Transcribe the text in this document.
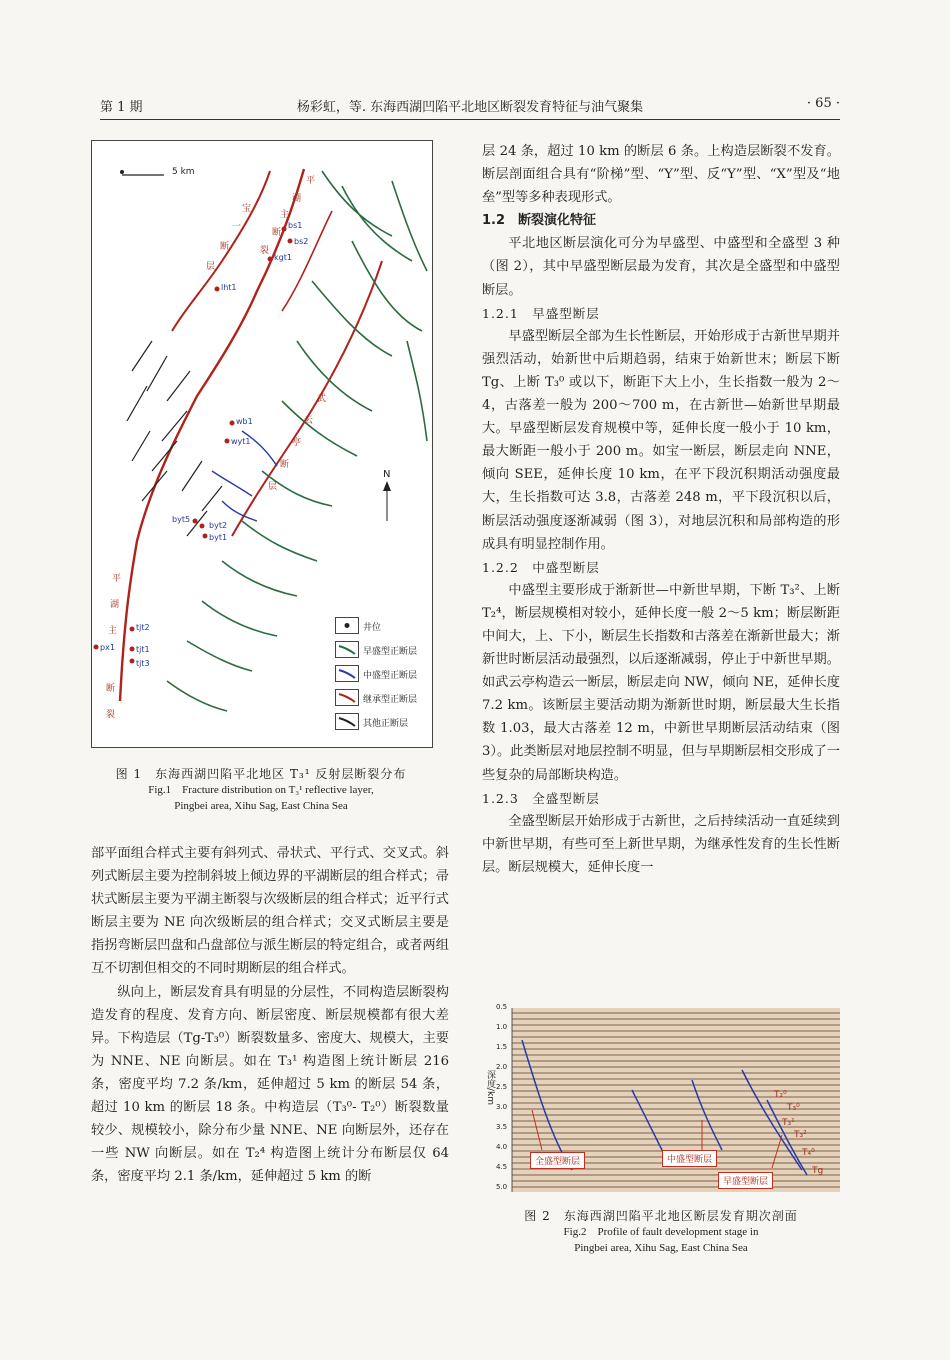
第 1 期	杨彩虹，等. 东海西湖凹陷平北地区断裂发育特征与油气聚集	· 65 ·
5 km
N
平
湖
主
断
裂
宝
一
断
层
武
云
亭
断
层
平
湖
主
断
裂
bs1
bs2
kgt1
lht1
wb1
wyt1
byt5
byt2
byt1
tjt2
px1	tjt1
tjt3
井位
早盛型正断层
中盛型正断层
继承型正断层
其他正断层
图 1　东海西湖凹陷平北地区 T₃¹ 反射层断裂分布
Fig.1　Fracture distribution on T₃¹ reflective layer,
Pingbei area, Xihu Sag, East China Sea

部平面组合样式主要有斜列式、帚状式、平行式、交叉式。斜列式断层主要为控制斜坡上倾边界的平湖断层的组合样式；帚状式断层主要为平湖主断裂与次级断层的组合样式；近平行式断层主要为 NE 向次级断层的组合样式；交叉式断层主要是指拐弯断层凹盘和凸盘部位与派生断层的特定组合，或者两组互不切割但相交的不同时期断层的组合样式。

纵向上，断层发育具有明显的分层性，不同构造层断裂构造发育的程度、发育方向、断层密度、断层规模都有很大差异。下构造层（Tg-T₃⁰）断裂数量多、密度大、规模大，主要为 NNE、NE 向断层。如在 T₃¹ 构造图上统计断层 216 条，密度平均 7.2 条/km，延伸超过 5 km 的断层 54 条，超过 10 km 的断层 18 条。中构造层（T₃⁰- T₂⁰）断裂数量较少、规模较小，除分布少量 NNE、NE 向断层外，还存在一些 NW 向断层。如在 T₂⁴ 构造图上统计分布断层仅 64 条，密度平均 2.1 条/km，延伸超过 5 km 的断

层 24 条，超过 10 km 的断层 6 条。上构造层断裂不发育。断层剖面组合具有“阶梯”型、“Y”型、反“Y”型、“X”型及“地垒”型等多种表现形式。

1.2　断裂演化特征

平北地区断层演化可分为早盛型、中盛型和全盛型 3 种（图 2），其中早盛型断层最为发育，其次是全盛型和中盛型断层。

1.2.1　早盛型断层

早盛型断层全部为生长性断层，开始形成于古新世早期并强烈活动，始新世中后期趋弱，结束于始新世末；断层下断 Tg、上断 T₃⁰ 或以下，断距下大上小，生长指数一般为 2～4，古落差一般为 200～700 m，在古新世—始新世早期最大。早盛型断层发育规模中等，延伸长度一般小于 10 km，最大断距一般小于 200 m。如宝一断层，断层走向 NNE，倾向 SEE，延伸长度 10 km，在平下段沉积期活动强度最大，生长指数可达 3.8，古落差 248 m，平下段沉积以后，断层活动强度逐渐减弱（图 3），对地层沉积和局部构造的形成具有明显控制作用。

1.2.2　中盛型断层

中盛型主要形成于渐新世—中新世早期，下断 T₃²、上断 T₂⁴，断层规模相对较小，延伸长度一般 2～5 km；断层断距中间大，上、下小，断层生长指数和古落差在渐新世最大；渐新世时断层活动最强烈，以后逐渐减弱，停止于中新世早期。如武云亭构造云一断层，断层走向 NW，倾向 NE，延伸长度 7.2 km。该断层主要活动期为渐新世时期，断层最大生长指数 1.03，最大古落差 12 m，中新世早期断层活动结束（图 3）。此类断层对地层控制不明显，但与早期断层相交形成了一些复杂的局部断块构造。

1.2.3　全盛型断层

全盛型断层开始形成于古新世，之后持续活动一直延续到中新世早期，有些可至上新世早期，为继承性发育的生长性断层。断层规模大，延伸长度一

深度/km
0.5
1.0
1.5
2.0
2.5
3.0
3.5
4.0
4.5
5.0
T₂⁰
T₃⁰
T₃¹
T₃²
T₄⁰
Tg
全盛型断层	中盛型断层
早盛型断层
图 2　东海西湖凹陷平北地区断层发育期次剖面
Fig.2　Profile of fault development stage in
Pingbei area, Xihu Sag, East China Sea
